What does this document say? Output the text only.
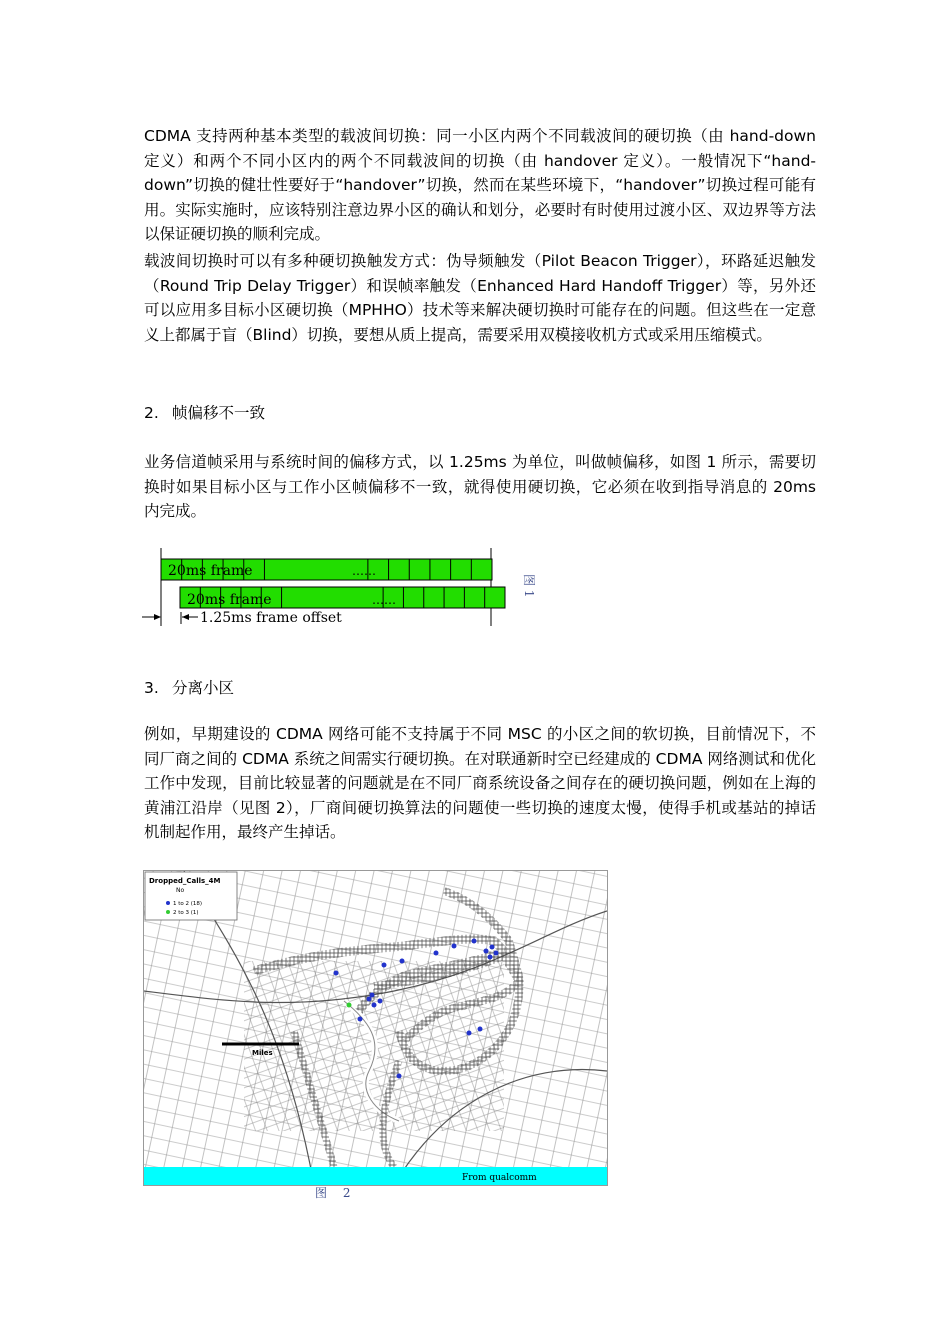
CDMA 支持两种基本类型的载波间切换：同一小区内两个不同载波间的硬切换（由 hand-down 定义）和两个不同小区内的两个不同载波间的切换（由 handover 定义）。一般情况下“hand-down”切换的健壮性要好于“handover”切换，然而在某些环境下，“handover”切换过程可能有用。实际实施时，应该特别注意边界小区的确认和划分，必要时有时使用过渡小区、双边界等方法以保证硬切换的顺利完成。

载波间切换时可以有多种硬切换触发方式：伪导频触发（Pilot Beacon Trigger），环路延迟触发（Round Trip Delay Trigger）和误帧率触发（Enhanced Hard Handoff Trigger）等，另外还可以应用多目标小区硬切换（MPHHO）技术等来解决硬切换时可能存在的问题。但这些在一定意义上都属于盲（Blind）切换，要想从质上提高，需要采用双模接收机方式或采用压缩模式。

2. 帧偏移不一致

业务信道帧采用与系统时间的偏移方式，以 1.25ms 为单位，叫做帧偏移，如图 1 所示，需要切换时如果目标小区与工作小区帧偏移不一致，就得使用硬切换，它必须在收到指导消息的 20ms 内完成。

20ms frame	……
20ms frame	……
1.25ms frame offset
图 1

3. 分离小区

例如，早期建设的 CDMA 网络可能不支持属于不同 MSC 的小区之间的软切换，目前情况下，不同厂商之间的 CDMA 系统之间需实行硬切换。在对联通新时空已经建成的 CDMA 网络测试和优化工作中发现，目前比较显著的问题就是在不同厂商系统设备之间存在的硬切换问题，例如在上海的黄浦江沿岸（见图 2），厂商间硬切换算法的问题使一些切换的速度太慢，使得手机或基站的掉话机制起作用，最终产生掉话。

Miles
Dropped_Calls_4M
No
1 to 2 (18)
2 to 3 (1)
From qualcomm
图 2
